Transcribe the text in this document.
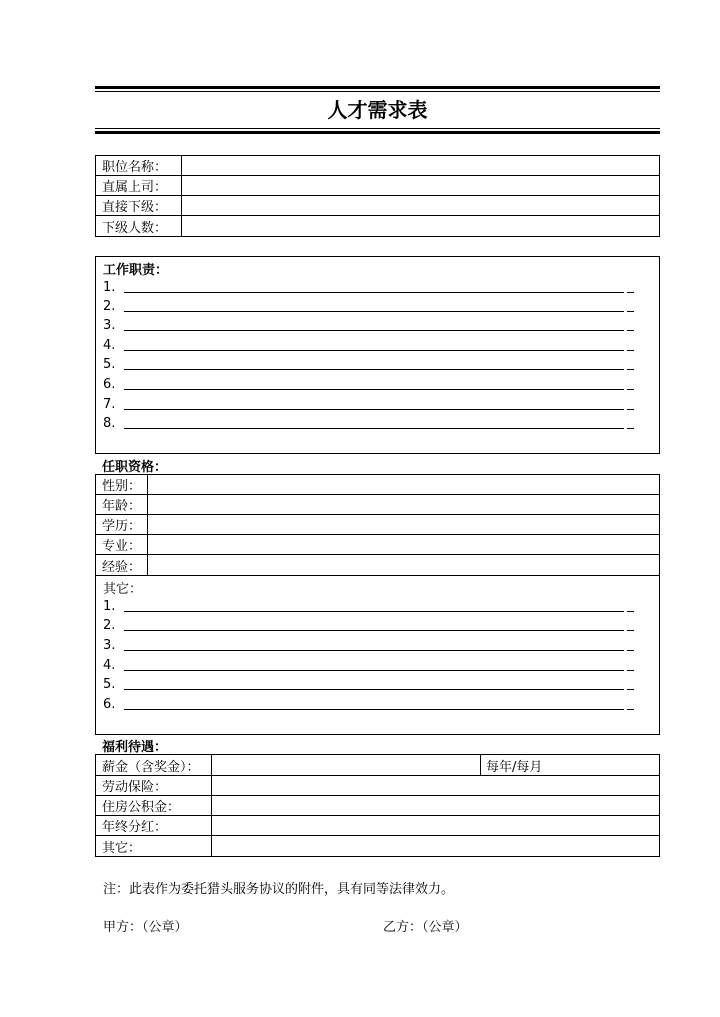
人才需求表
职位名称：
直属上司：
直接下级：
下级人数：
工作职责：
1.
2.
3.
4.
5.
6.
7.
8.
任职资格：
性别：
年龄：
学历：
专业：
经验：
其它：
1.
2.
3.
4.
5.
6.
福利待遇：
薪金（含奖金）：	每年/每月
劳动保险：
住房公积金：
年终分红：
其它：
注：此表作为委托猎头服务协议的附件，具有同等法律效力。
甲方：（公章）	乙方：（公章）
